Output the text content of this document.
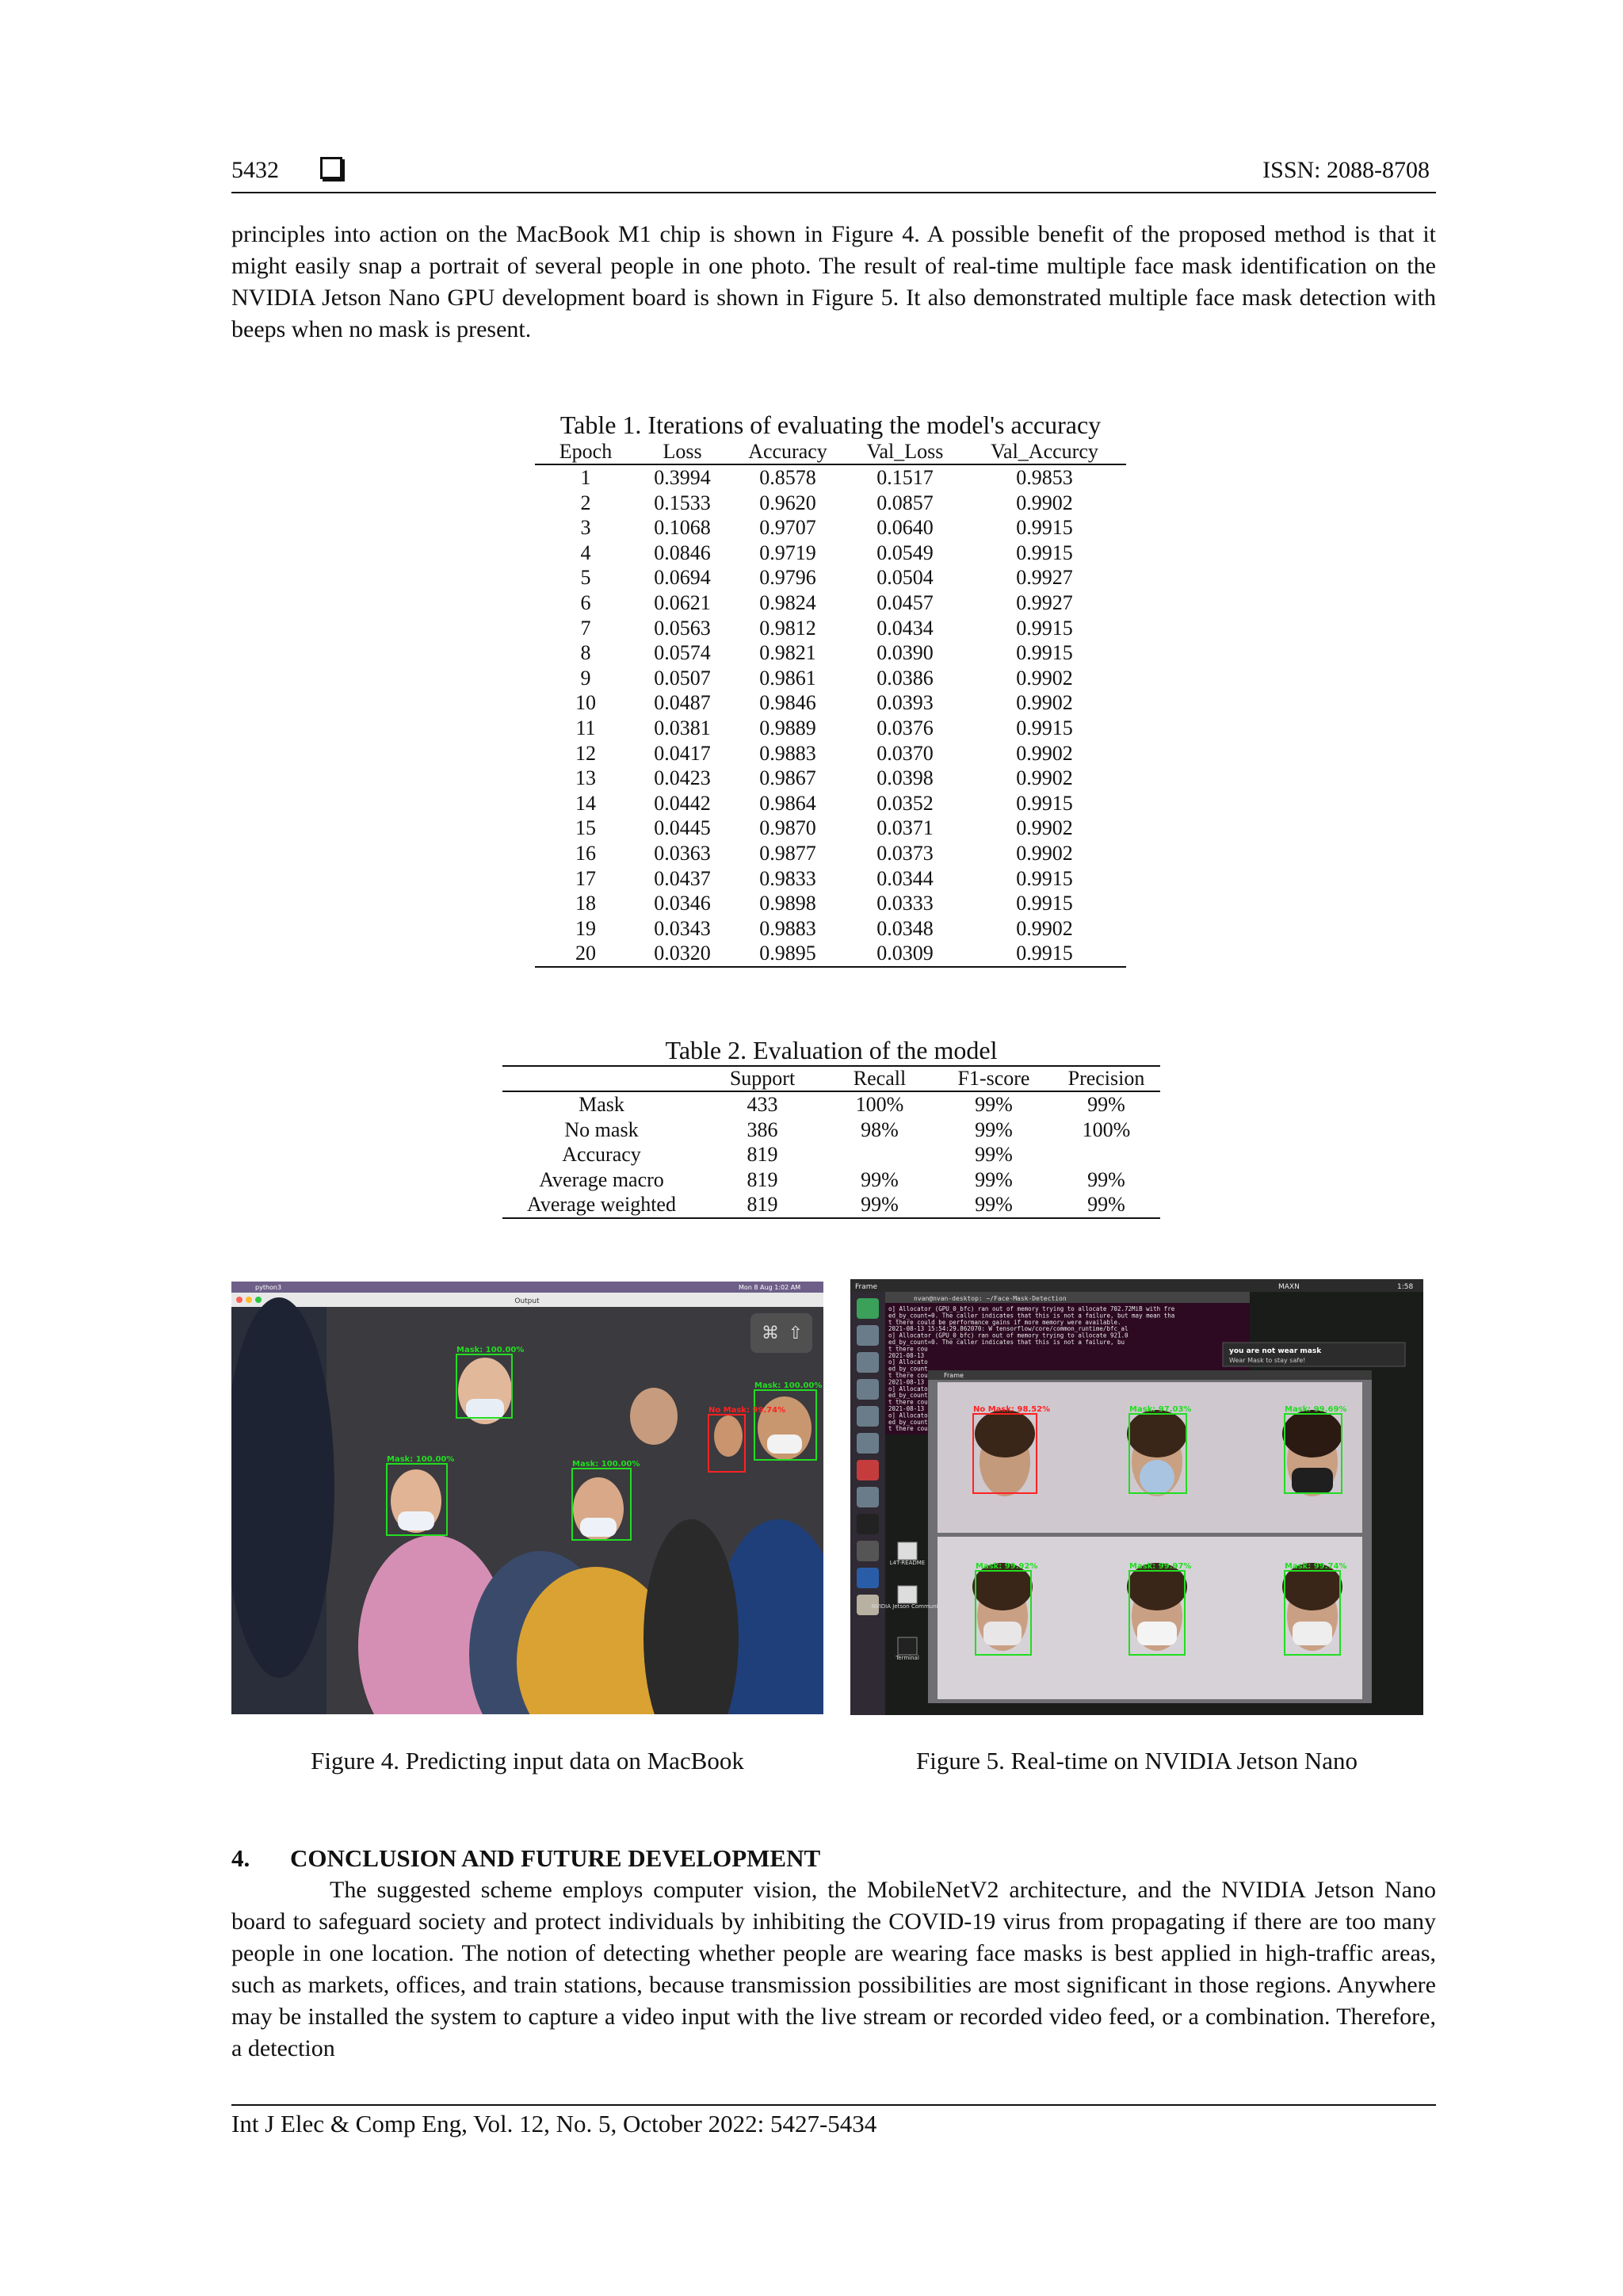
5432	ISSN: 2088-8708

principles into action on the MacBook M1 chip is shown in Figure 4. A possible benefit of the proposed method is that it might easily snap a portrait of several people in one photo. The result of real-time multiple face mask identification on the NVIDIA Jetson Nano GPU development board is shown in Figure 5. It also demonstrated multiple face mask detection with beeps when no mask is present.

Table 1. Iterations of evaluating the model's accuracy
Epoch	Loss	Accuracy	Val_Loss	Val_Accurcy
1	0.3994	0.8578	0.1517	0.9853
2	0.1533	0.9620	0.0857	0.9902
3	0.1068	0.9707	0.0640	0.9915
4	0.0846	0.9719	0.0549	0.9915
5	0.0694	0.9796	0.0504	0.9927
6	0.0621	0.9824	0.0457	0.9927
7	0.0563	0.9812	0.0434	0.9915
8	0.0574	0.9821	0.0390	0.9915
9	0.0507	0.9861	0.0386	0.9902
10	0.0487	0.9846	0.0393	0.9902
11	0.0381	0.9889	0.0376	0.9915
12	0.0417	0.9883	0.0370	0.9902
13	0.0423	0.9867	0.0398	0.9902
14	0.0442	0.9864	0.0352	0.9915
15	0.0445	0.9870	0.0371	0.9902
16	0.0363	0.9877	0.0373	0.9902
17	0.0437	0.9833	0.0344	0.9915
18	0.0346	0.9898	0.0333	0.9915
19	0.0343	0.9883	0.0348	0.9902
20	0.0320	0.9895	0.0309	0.9915
Table 2. Evaluation of the model
	Support	Recall	F1-score	Precision
Mask	433	100%	99%	99%
No mask	386	98%	99%	100%
Accuracy	819		99%	
Average macro	819	99%	99%	99%
Average weighted	819	99%	99%	99%
python3	Mon 8 Aug 1:02 AM
Output
Mask: 100.00%
Mask: 100.00%
Mask: 100.00%
Mask: 100.00%
No Mask: 99.74%
⌘ ⇧
Frame	MAXN	1:58
nvan@nvan-desktop: ~/Face-Mask-Detection
o] Allocator (GPU_0_bfc) ran out of memory trying to allocate 702.72MiB with fre
ed_by_count=0. The caller indicates that this is not a failure, but may mean tha
t there could be performance gains if more memory were available.
2021-08-13 15:54:29.862070: W tensorflow/core/common_runtime/bfc_al
o] Allocator (GPU_0_bfc) ran out of memory trying to allocate 921.0
ed_by_count=0. The caller indicates that this is not a failure, bu
t there cou
2021-08-13
o] Allocato
ed_by_count
t there cou
2021-08-13
o] Allocato
ed_by_count
t there cou
2021-08-13
o] Allocato
ed_by_count
t there cou
you are not wear mask
Wear Mask to stay safe!
Frame
No Mask: 98.52%	Mask: 97.03%	Mask: 99.69%
Mask: 99.92%	Mask: 99.97%	Mask: 99.74%
L4T-README
NVIDIA Jetson Communi...
Terminal
Figure 4. Predicting input data on MacBook	Figure 5. Real-time on NVIDIA Jetson Nano
4. CONCLUSION AND FUTURE DEVELOPMENT

The suggested scheme employs computer vision, the MobileNetV2 architecture, and the NVIDIA Jetson Nano board to safeguard society and protect individuals by inhibiting the COVID-19 virus from propagating if there are too many people in one location. The notion of detecting whether people are wearing face masks is best applied in high-traffic areas, such as markets, offices, and train stations, because transmission possibilities are most significant in those regions. Anywhere may be installed the system to capture a video input with the live stream or recorded video feed, or a combination. Therefore, a detection

Int J Elec & Comp Eng, Vol. 12, No. 5, October 2022: 5427-5434
